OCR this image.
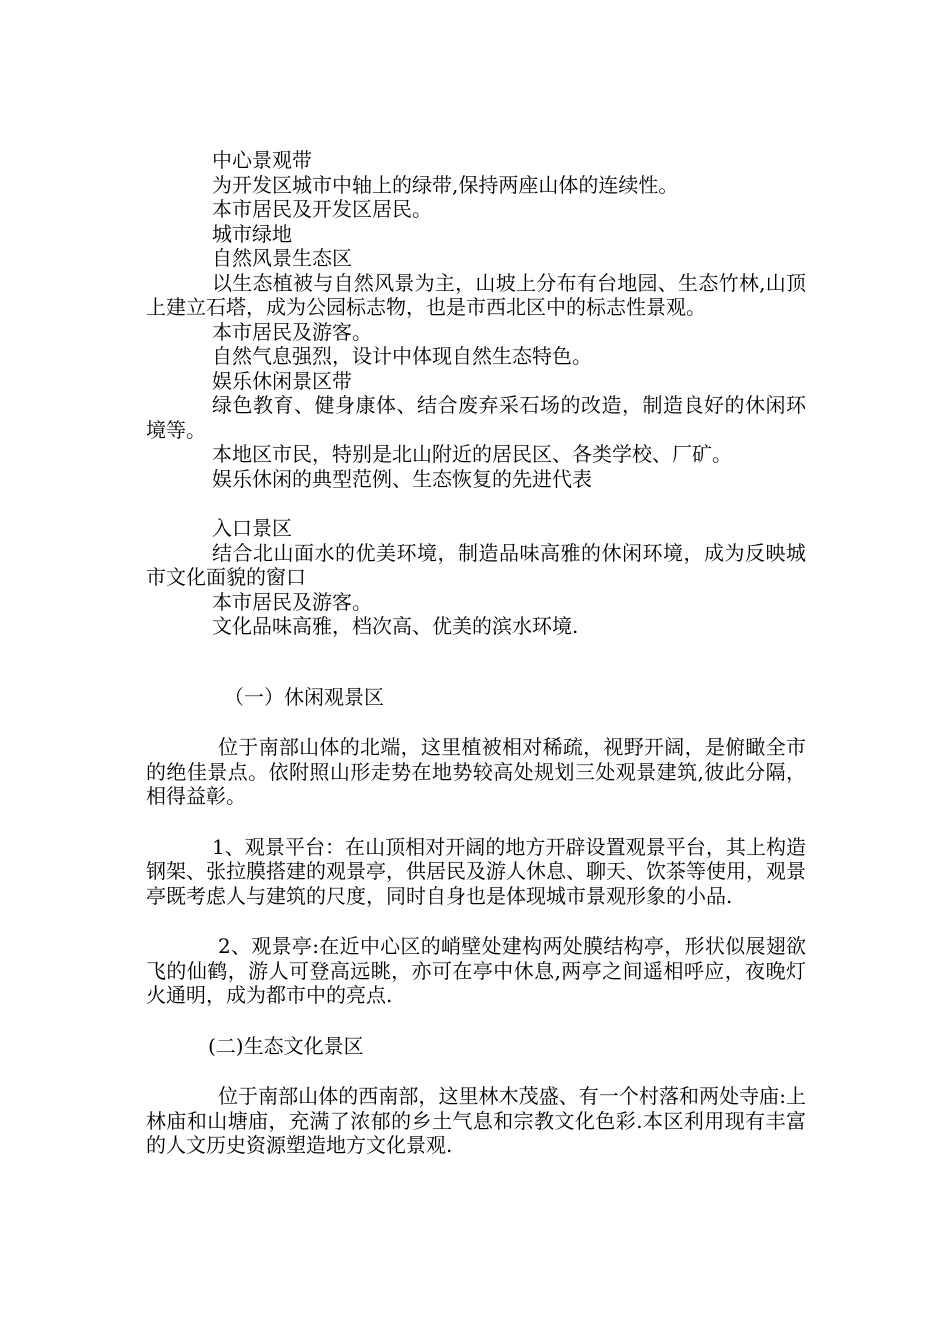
中心景观带

为开发区城市中轴上的绿带,保持两座山体的连续性。

本市居民及开发区居民。

城市绿地

自然风景生态区

以生态植被与自然风景为主，山坡上分布有台地园、生态竹林,山顶上建立石塔，成为公园标志物，也是市西北区中的标志性景观。

本市居民及游客。

自然气息强烈，设计中体现自然生态特色。

娱乐休闲景区带

绿色教育、健身康体、结合废弃采石场的改造，制造良好的休闲环境等。

本地区市民，特别是北山附近的居民区、各类学校、厂矿。

娱乐休闲的典型范例、生态恢复的先进代表

入口景区

结合北山面水的优美环境，制造品味高雅的休闲环境，成为反映城市文化面貌的窗口

本市居民及游客。

文化品味高雅，档次高、优美的滨水环境.

（一）休闲观景区

位于南部山体的北端，这里植被相对稀疏，视野开阔，是俯瞰全市的绝佳景点。依附照山形走势在地势较高处规划三处观景建筑,彼此分隔，相得益彰。

1、观景平台：在山顶相对开阔的地方开辟设置观景平台，其上构造钢架、张拉膜搭建的观景亭，供居民及游人休息、聊天、饮茶等使用，观景亭既考虑人与建筑的尺度，同时自身也是体现城市景观形象的小品.

2、观景亭:在近中心区的峭壁处建构两处膜结构亭，形状似展翅欲飞的仙鹤，游人可登高远眺，亦可在亭中休息,两亭之间遥相呼应，夜晚灯火通明，成为都市中的亮点.

(二)生态文化景区

位于南部山体的西南部，这里林木茂盛、有一个村落和两处寺庙:上林庙和山塘庙，充满了浓郁的乡土气息和宗教文化色彩.本区利用现有丰富的人文历史资源塑造地方文化景观.
